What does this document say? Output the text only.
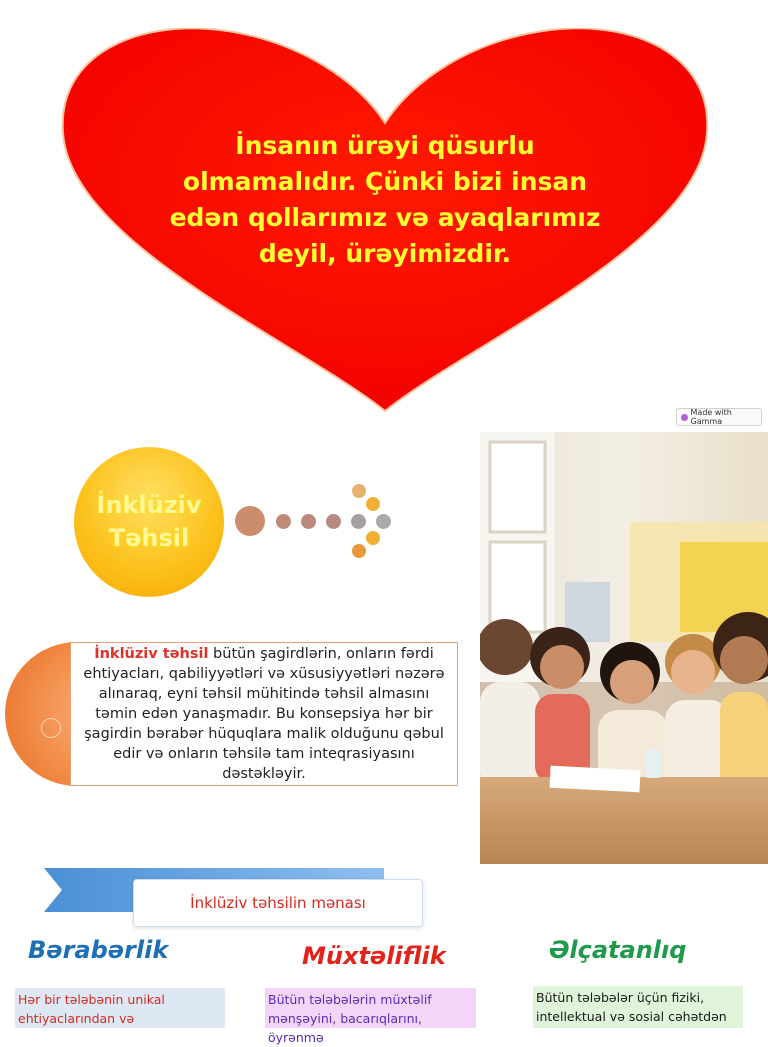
İnsanın ürəyi qüsurlu olmamalıdır. Çünki bizi insan edən qollarımız və ayaqlarımız deyil, ürəyimizdir.
Made with Gamma
İnklüziv
Təhsil

İnklüziv təhsil bütün şagirdlərin, onların fərdi ehtiyacları, qabiliyyətləri və xüsusiyyətləri nəzərə alınaraq, eyni təhsil mühitində təhsil almasını təmin edən yanaşmadır. Bu konsepsiya hər bir şagirdin bərabər hüquqlara malik olduğunu qəbul edir və onların təhsilə tam inteqrasiyasını dəstəkləyir.

İnklüziv təhsilin mənası
Bərabərlik	Müxtəliflik	Əlçatanlıq
Hər bir tələbənin unikal ehtiyaclarından və
Bütün tələbələrin müxtəlif mənşəyini, bacarıqlarını, öyrənmə
Bütün tələbələr üçün fiziki, intellektual və sosial cəhətdən
